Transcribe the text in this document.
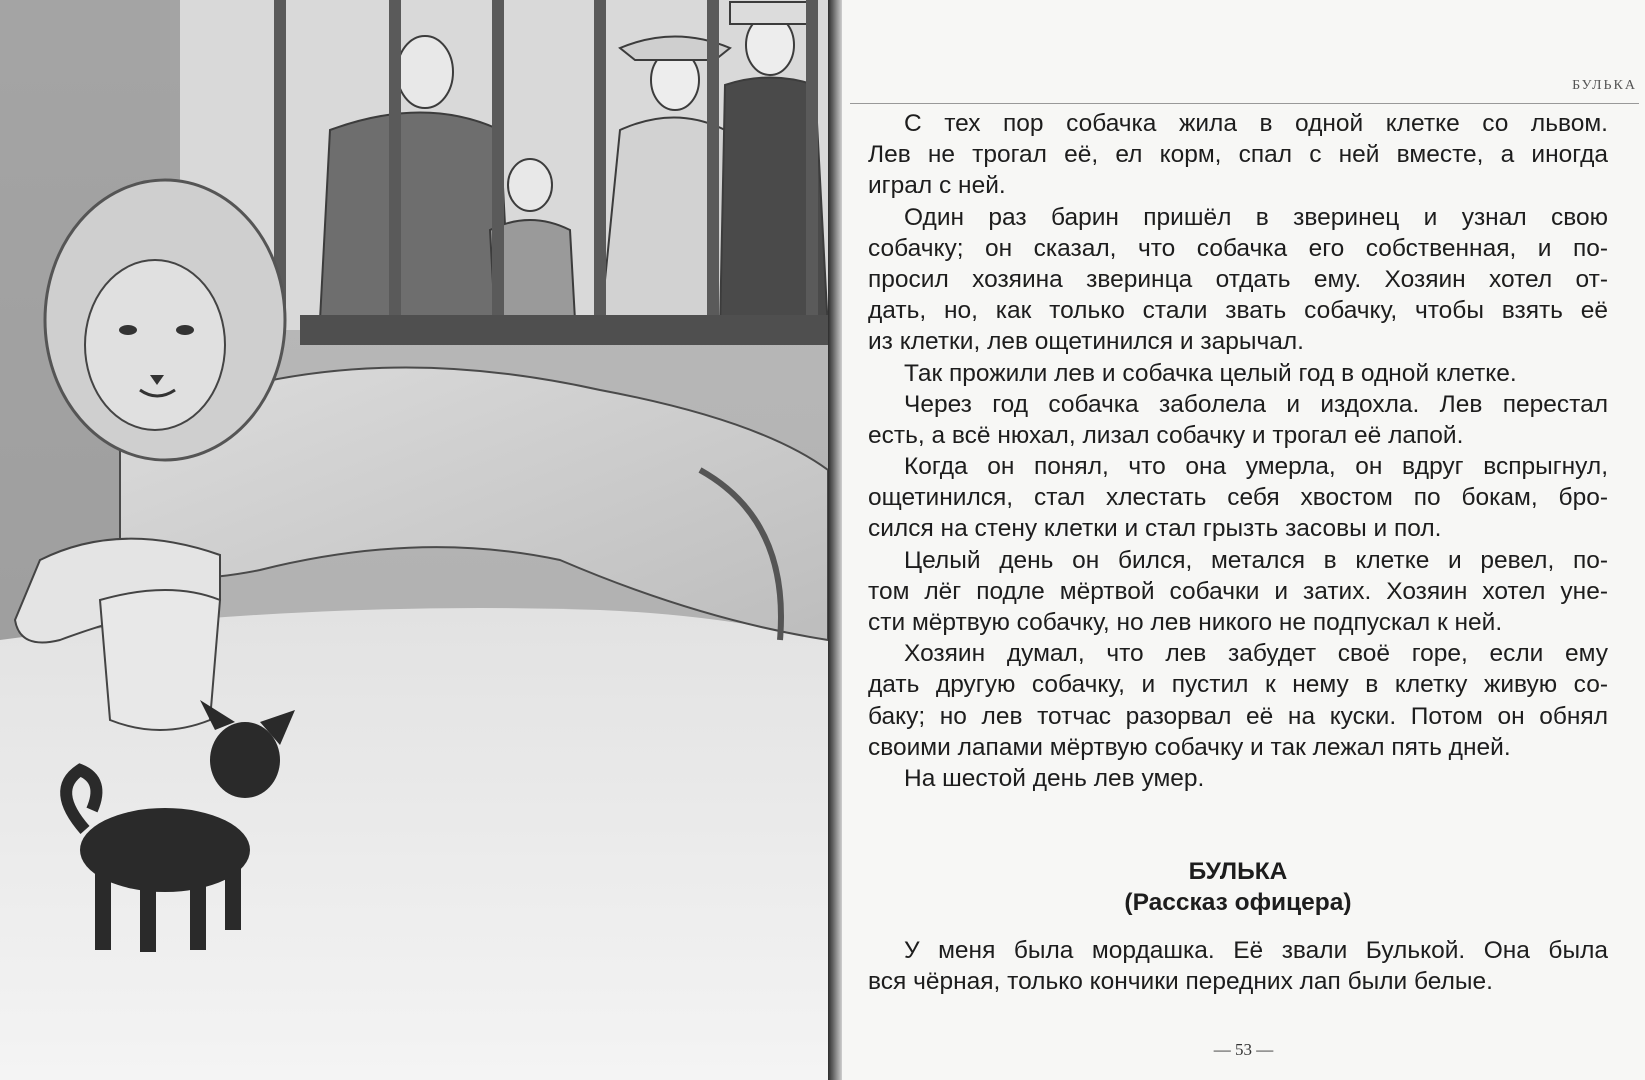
БУЛЬКА
С тех пор собачка жила в одной клетке со львом.
Лев не трогал её, ел корм, спал с ней вместе, а иногда
играл с ней.
Один раз барин пришёл в зверинец и узнал свою
собачку; он сказал, что собачка его собственная, и по-
просил хозяина зверинца отдать ему. Хозяин хотел от-
дать, но, как только стали звать собачку, чтобы взять её
из клетки, лев ощетинился и зарычал.
Так прожили лев и собачка целый год в одной клетке.
Через год собачка заболела и издохла. Лев перестал
есть, а всё нюхал, лизал собачку и трогал её лапой.
Когда он понял, что она умерла, он вдруг вспрыгнул,
ощетинился, стал хлестать себя хвостом по бокам, бро-
сился на стену клетки и стал грызть засовы и пол.
Целый день он бился, метался в клетке и ревел, по-
том лёг подле мёртвой собачки и затих. Хозяин хотел уне-
сти мёртвую собачку, но лев никого не подпускал к ней.
Хозяин думал, что лев забудет своё горе, если ему
дать другую собачку, и пустил к нему в клетку живую со-
баку; но лев тотчас разорвал её на куски. Потом он обнял
своими лапами мёртвую собачку и так лежал пять дней.
На шестой день лев умер.
БУЛЬКА
(Рассказ офицера)
У меня была мордашка. Её звали Булькой. Она была
вся чёрная, только кончики передних лап были белые.
— 53 —
